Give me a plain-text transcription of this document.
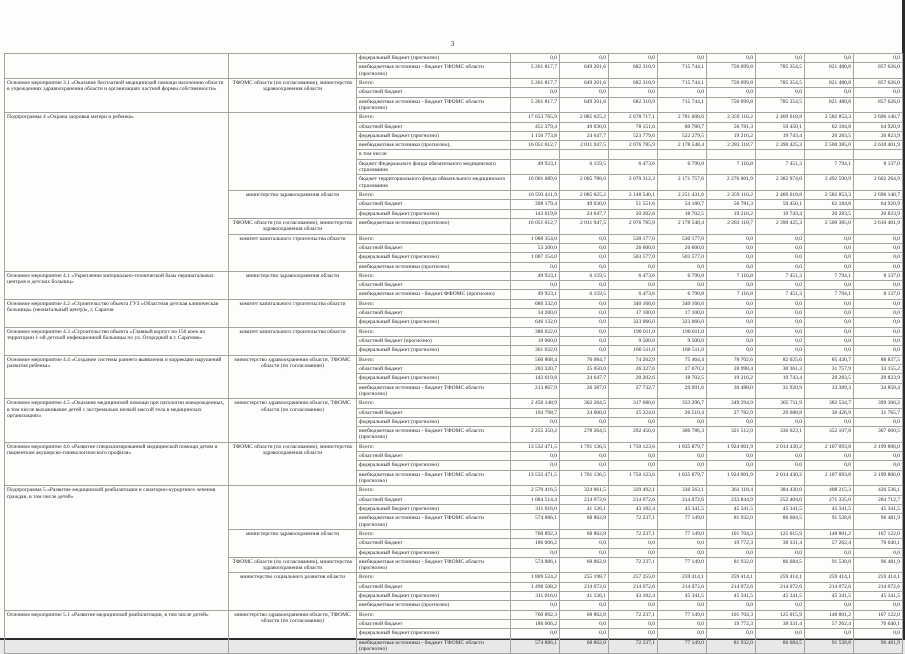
3
		федеральный бюджет (прогнозно)	0,0	0,0	0,0	0,0	0,0	0,0	0,0	0,0
		внебюджетные источники - бюджет ТФОМС области (прогнозно)	5 261 817,7	649 201,6	682 310,9	715 744,1	750 099,8	785 354,5	821 480,8	857 626,0
Основное мероприятие 3.1 «Оказание бесплатной медицинской помощи населению области в учреждениях здравоохранения области и организациях частной формы собственности»	ТФОМС области (по согласованию), министерство здравоохранения области	Всего:	5 261 817,7	649 201,6	682 310,9	715 744,1	750 099,8	785 354,5	821 480,8	857 626,0
		областной бюджет	0,0	0,0	0,0	0,0	0,0	0,0	0,0	0,0
		внебюджетные источники - бюджет ТФОМС области (прогнозно)	5 261 817,7	649 201,6	682 310,9	715 744,1	750 099,8	785 354,5	821 480,8	857 626,0
Подпрограмма 4 «Охрана здоровья матери и ребенка»		Всего:	17 653 765,9	2 085 625,2	2 678 717,1	2 781 608,6	2 359 116,2	2 469 618,8	2 582 853,3	2 696 146,7
		областной бюджет	451 379,4	49 030,0	78 151,6	80 780,7	56 781,3	59 450,1	62 184,8	64 920,9
		федеральный бюджет (прогнозно)	1 150 773,8	24 647,7	523 779,6	522 279,5	19 216,2	19 743,4	20 283,5	20 823,9
		внебюджетные источники (прогнозно),	16 051 612,7	2 011 947,5	2 076 785,9	2 178 548,4	2 283 118,7	2 390 425,3	2 500 385,0	2 610 401,9
		в том числе:								
		бюджет Федерального фонда обязательного медицинского страхования	49 923,1	6 159,5	6 473,6	6 790,8	7 116,8	7 451,3	7 794,1	8 137,0
		бюджет территориального фонда обязательного медицинского страхования	16 001 689,6	2 005 788,0	2 070 312,3	2 171 757,6	2 276 001,9	2 382 974,0	2 492 590,9	2 602 264,9
	министерство здравоохранения области	Всего:	16 593 411,9	2 085 625,2	2 148 540,1	2 251 431,6	2 359 116,2	2 469 618,8	2 582 853,3	2 696 146,7
		областной бюджет	398 179,4	49 030,0	51 551,6	54 180,7	56 781,3	59 450,1	62 184,8	64 920,9
		федеральный бюджет (прогнозно)	143 619,8	24 647,7	20 202,6	18 702,5	19 216,2	19 743,4	20 283,5	20 823,9
	ТФОМС области (по согласованию), министерство здравоохранения области	внебюджетные источники (прогнозно)	16 051 612,7	2 011 947,5	2 076 785,9	2 178 548,4	2 283 118,7	2 390 425,3	2 500 385,0	2 610 401,9
	комитет капитального строительства области	Всего:	1 060 354,0	0,0	530 177,0	530 177,0	0,0	0,0	0,0	0,0
		областной бюджет	53 200,0	0,0	26 600,0	26 600,0	0,0	0,0	0,0	0,0
		федеральный бюджет (прогнозно)	1 007 154,0	0,0	503 577,0	503 577,0	0,0	0,0	0,0	0,0
		внебюджетные источники (прогнозно)	0,0	0,0	0,0	0,0	0,0	0,0	0,0	0,0
Основное мероприятие 4.1 «Укрепление материально-технической базы перинатальных центров и детских больниц»	министерство здравоохранения области	Всего:	49 923,1	6 159,5	6 473,6	6 790,8	7 116,8	7 451,3	7 794,1	8 137,0
		областной бюджет	0,0	0,0	0,0	0,0	0,0	0,0	0,0	0,0
		внебюджетные источники - бюджет ФФОМС (прогнозно)	49 923,1	6 159,5	6 473,6	6 790,8	7 116,8	7 451,3	7 794,1	8 137,0
Основное мероприятие 4.2 «Строительство объекта ГУЗ «Областная детская клиническая больница» (неонатальный центр)», г. Саратов	комитет капитального строительства области	Всего:	680 332,0	0,0	340 166,0	340 166,0	0,0	0,0	0,0	0,0
		областной бюджет	34 200,0	0,0	17 100,0	17 100,0	0,0	0,0	0,0	0,0
		федеральный бюджет (прогнозно)	646 132,0	0,0	323 066,0	323 066,0	0,0	0,0	0,0	0,0
Основное мероприятие 4.3 «Строительство объекта «Главный корпус на 150 коек на территории 1-ой детской инфекционной больницы по ул. Огородной в г. Саратове»	комитет капитального строительства области	Всего:	380 022,0	0,0	190 011,0	190 011,0	0,0	0,0	0,0	0,0
		областной бюджет (прогнозно)	19 000,0	0,0	9 500,0	9 500,0	0,0	0,0	0,0	0,0
		федеральный бюджет (прогнозно)	361 022,0	0,0	180 511,0	180 511,0	0,0	0,0	0,0	0,0
Основное мероприятие 4.4 «Создание системы раннего выявления и коррекции нарушений развития ребенка»	министерство здравоохранения области, ТФОМС области (по согласованию)	Всего:	560 808,4	76 084,7	74 262,9	75 464,4	78 702,6	82 025,6	85 430,7	88 837,5
		областной бюджет	203 320,7	25 050,0	26 327,6	27 670,3	28 998,4	30 361,3	31 757,9	33 155,2
		федеральный бюджет (прогнозно)	143 619,8	24 647,7	20 202,6	18 702,5	19 216,2	19 743,4	20 283,5	20 823,9
		внебюджетные источники - бюджет ТФОМС области (прогнозно)	213 867,9	26 387,0	27 732,7	29 091,6	30 488,0	31 920,9	33 389,3	34 858,4
Основное мероприятие 4.5 «Оказание медицинской помощи при патологии новорожденных, в том числе выхаживание детей с экстремально низкой массой тела в медицинских организациях»	министерство здравоохранения области, ТФОМС области (по согласованию)	Всего:	2 450 148,9	302 264,5	317 680,0	333 296,7	349 294,9	365 711,9	382 534,7	399 366,2
		областной бюджет	194 798,7	24 000,0	25 224,0	26 510,4	27 782,9	29 088,8	30 426,9	31 765,7
		федеральный бюджет (прогнозно)	0,0	0,0	0,0	0,0	0,0	0,0	0,0	0,0
		внебюджетные источники - бюджет ТФОМС области (прогнозно)	2 255 350,2	278 264,5	292 456,0	306 786,3	321 512,0	336 623,1	352 107,8	367 600,5
Основное мероприятие 4.6 «Развитие специализированной медицинской помощи детям и пациенткам акушерско-гинекологического профиля»	ТФОМС области (по согласованию), министерство здравоохранения области	Всего:	13 532 471,5	1 701 136,5	1 750 123,6	1 835 879,7	1 924 001,9	2 014 430,2	2 107 093,8	2 199 806,0
		областной бюджет	0,0	0,0	0,0	0,0	0,0	0,0	0,0	0,0
		федеральный бюджет (прогнозно)	0,0	0,0	0,0	0,0	0,0	0,0	0,0	0,0
		внебюджетные источники - бюджет ТФОМС области (прогнозно)	13 532 471,5	1 701 136,5	1 750 123,6	1 835 879,7	1 924 001,9	2 014 430,2	2 107 093,8	2 199 806,0
Подпрограмма 5 «Развитие медицинской реабилитации и санаторно-курортного лечения граждан, в том числе детей»		Всего:	2 570 416,5	324 061,5	329 492,1	336 563,1	361 118,4	384 430,0	408 215,3	426 536,1
		областной бюджет	1 684 514,4	214 072,6	214 072,6	214 072,6	233 844,9	252 404,0	271 335,0	284 712,7
		федеральный бюджет (прогнозно)	311 016,0	41 126,1	43 182,4	45 341,5	45 341,5	45 341,5	45 341,5	45 341,5
		внебюджетные источники - бюджет ТФОМС области (прогнозно)	574 886,1	68 862,8	72 237,1	77 149,0	81 932,0	86 684,5	91 538,8	96 481,9
	министерство здравоохранения области	Всего:	760 892,3	68 862,8	72 237,1	77 149,0	101 704,3	125 015,9	148 801,2	167 122,0
		областной бюджет	186 006,2	0,0	0,0	0,0	19 772,3	38 331,4	57 262,4	70 640,1
		федеральный бюджет (прогнозно)	0,0	0,0	0,0	0,0	0,0	0,0	0,0	0,0
	ТФОМС области (по согласованию), министерство здравоохранения области	внебюджетные источники - бюджет ТФОМС области (прогнозно)	574 886,1	68 862,8	72 237,1	77 149,0	81 932,0	86 684,5	91 538,8	96 481,9
	министерство социального развития области	Всего:	1 809 524,2	255 198,7	257 255,0	259 414,1	259 414,1	259 414,1	259 414,1	259 414,1
		областной бюджет	1 498 508,2	214 072,6	214 072,6	214 072,6	214 072,6	214 072,6	214 072,6	214 072,6
		федеральный бюджет (прогнозно)	311 016,0	41 126,1	43 182,4	45 341,5	45 341,5	45 341,5	45 341,5	45 341,5
		внебюджетные источники (прогнозно)	0,0	0,0	0,0	0,0	0,0	0,0	0,0	0,0
Основное мероприятие 5.1 «Развитие медицинской реабилитации, в том числе детей»	министерство здравоохранения области, ТФОМС области (по согласованию)	Всего:	760 892,3	68 862,8	72 237,1	77 149,0	101 704,3	125 015,9	148 801,2	167 122,0
		областной бюджет	186 006,2	0,0	0,0	0,0	19 772,3	38 331,4	57 262,4	70 640,1
		федеральный бюджет (прогнозно)	0,0	0,0	0,0	0,0	0,0	0,0	0,0	0,0
		внебюджетные источники - бюджет ТФОМС области (прогнозно)	574 886,1	68 862,8	72 237,1	77 149,0	81 932,0	86 684,5	91 538,8	96 481,9
